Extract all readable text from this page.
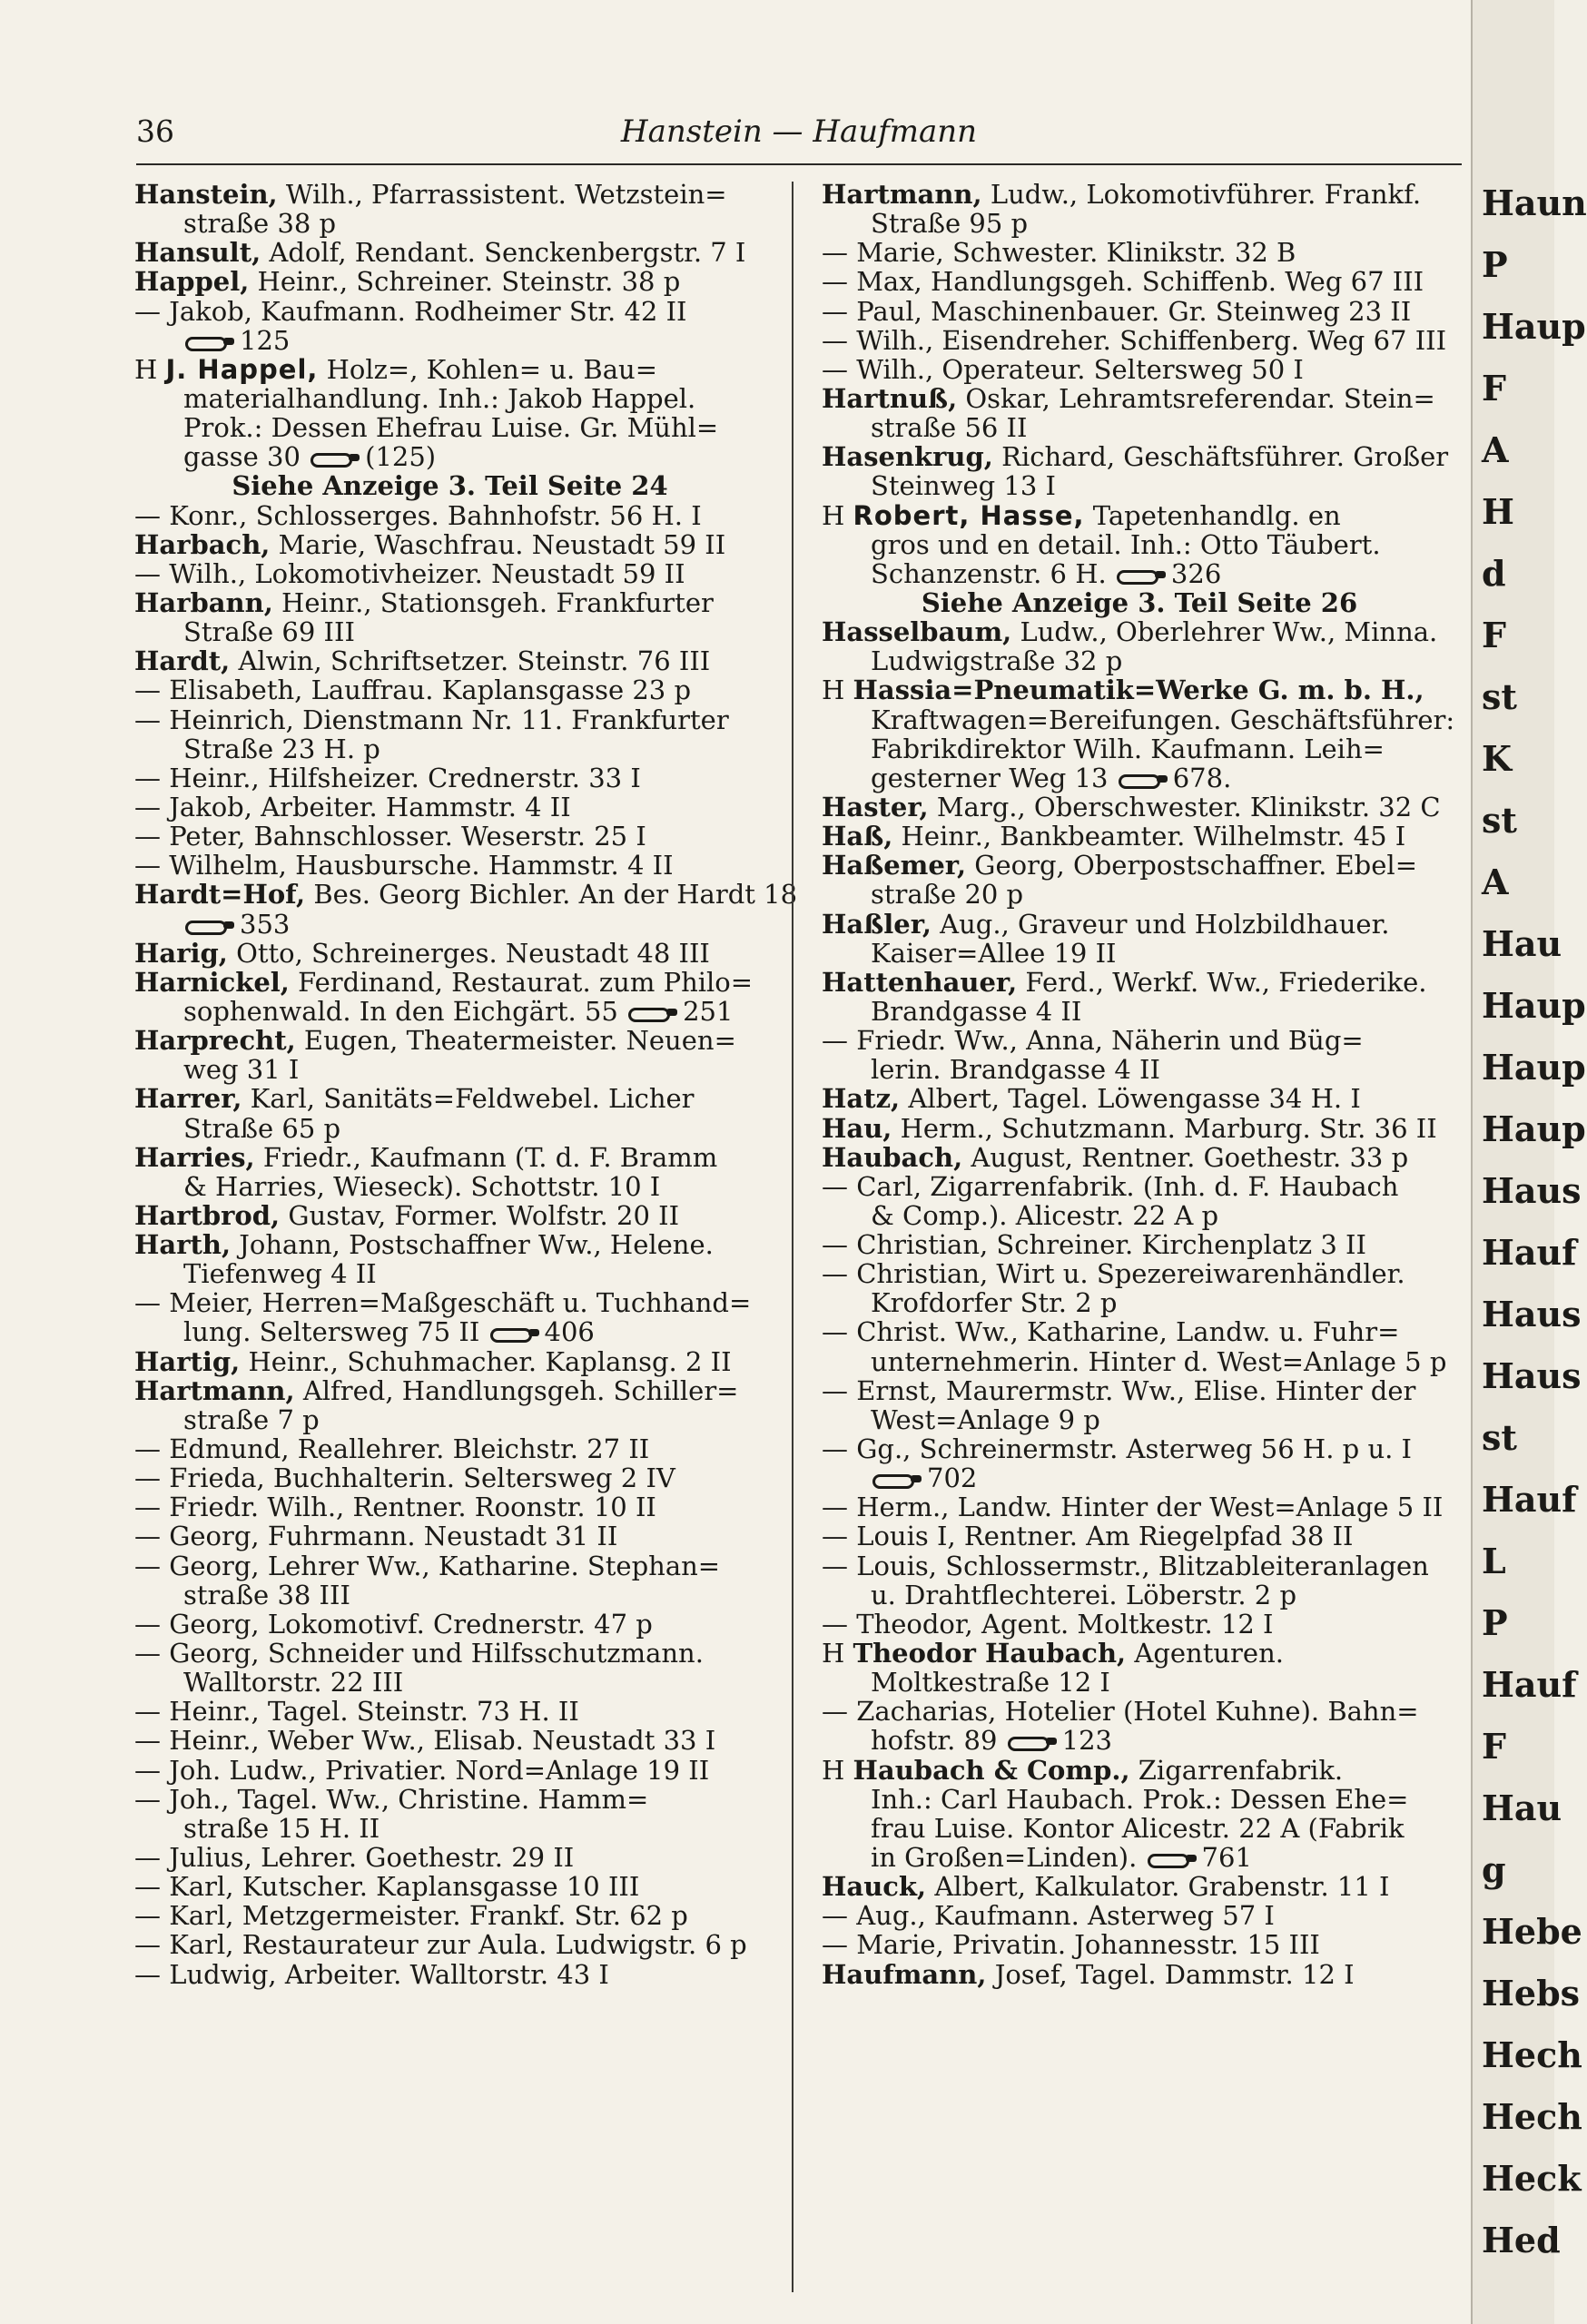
36	Hanstein — Haufmann
Hanstein, Wilh., Pfarrassistent. Wetzstein=
straße 38 p
Hansult, Adolf, Rendant. Senckenbergstr. 7 I
Happel, Heinr., Schreiner. Steinstr. 38 p
— Jakob, Kaufmann. Rodheimer Str. 42 II
125
H J. Happel, Holz=, Kohlen= u. Bau=
materialhandlung. Inh.: Jakob Happel.
Prok.: Dessen Ehefrau Luise. Gr. Mühl=
gasse 30 (125)
Siehe Anzeige 3. Teil Seite 24
— Konr., Schlosserges. Bahnhofstr. 56 H. I
Harbach, Marie, Waschfrau. Neustadt 59 II
— Wilh., Lokomotivheizer. Neustadt 59 II
Harbann, Heinr., Stationsgeh. Frankfurter
Straße 69 III
Hardt, Alwin, Schriftsetzer. Steinstr. 76 III
— Elisabeth, Lauffrau. Kaplansgasse 23 p
— Heinrich, Dienstmann Nr. 11. Frankfurter
Straße 23 H. p
— Heinr., Hilfsheizer. Crednerstr. 33 I
— Jakob, Arbeiter. Hammstr. 4 II
— Peter, Bahnschlosser. Weserstr. 25 I
— Wilhelm, Hausbursche. Hammstr. 4 II
Hardt=Hof, Bes. Georg Bichler. An der Hardt 18
353
Harig, Otto, Schreinerges. Neustadt 48 III
Harnickel, Ferdinand, Restaurat. zum Philo=
sophenwald. In den Eichgärt. 55 251
Harprecht, Eugen, Theatermeister. Neuen=
weg 31 I
Harrer, Karl, Sanitäts=Feldwebel. Licher
Straße 65 p
Harries, Friedr., Kaufmann (T. d. F. Bramm
& Harries, Wieseck). Schottstr. 10 I
Hartbrod, Gustav, Former. Wolfstr. 20 II
Harth, Johann, Postschaffner Ww., Helene.
Tiefenweg 4 II
— Meier, Herren=Maßgeschäft u. Tuchhand=
lung. Seltersweg 75 II 406
Hartig, Heinr., Schuhmacher. Kaplansg. 2 II
Hartmann, Alfred, Handlungsgeh. Schiller=
straße 7 p
— Edmund, Reallehrer. Bleichstr. 27 II
— Frieda, Buchhalterin. Seltersweg 2 IV
— Friedr. Wilh., Rentner. Roonstr. 10 II
— Georg, Fuhrmann. Neustadt 31 II
— Georg, Lehrer Ww., Katharine. Stephan=
straße 38 III
— Georg, Lokomotivf. Crednerstr. 47 p
— Georg, Schneider und Hilfsschutzmann.
Walltorstr. 22 III
— Heinr., Tagel. Steinstr. 73 H. II
— Heinr., Weber Ww., Elisab. Neustadt 33 I
— Joh. Ludw., Privatier. Nord=Anlage 19 II
— Joh., Tagel. Ww., Christine. Hamm=
straße 15 H. II
— Julius, Lehrer. Goethestr. 29 II
— Karl, Kutscher. Kaplansgasse 10 III
— Karl, Metzgermeister. Frankf. Str. 62 p
— Karl, Restaurateur zur Aula. Ludwigstr. 6 p
— Ludwig, Arbeiter. Walltorstr. 43 I
Hartmann, Ludw., Lokomotivführer. Frankf.
Straße 95 p
— Marie, Schwester. Klinikstr. 32 B
— Max, Handlungsgeh. Schiffenb. Weg 67 III
— Paul, Maschinenbauer. Gr. Steinweg 23 II
— Wilh., Eisendreher. Schiffenberg. Weg 67 III
— Wilh., Operateur. Seltersweg 50 I
Hartnuß, Oskar, Lehramtsreferendar. Stein=
straße 56 II
Hasenkrug, Richard, Geschäftsführer. Großer
Steinweg 13 I
H Robert, Hasse, Tapetenhandlg. en
gros und en detail. Inh.: Otto Täubert.
Schanzenstr. 6 H. 326
Siehe Anzeige 3. Teil Seite 26
Hasselbaum, Ludw., Oberlehrer Ww., Minna.
Ludwigstraße 32 p
H Hassia=Pneumatik=Werke G. m. b. H.,
Kraftwagen=Bereifungen. Geschäftsführer:
Fabrikdirektor Wilh. Kaufmann. Leih=
gesterner Weg 13 678.
Haster, Marg., Oberschwester. Klinikstr. 32 C
Haß, Heinr., Bankbeamter. Wilhelmstr. 45 I
Haßemer, Georg, Oberpostschaffner. Ebel=
straße 20 p
Haßler, Aug., Graveur und Holzbildhauer.
Kaiser=Allee 19 II
Hattenhauer, Ferd., Werkf. Ww., Friederike.
Brandgasse 4 II
— Friedr. Ww., Anna, Näherin und Büg=
lerin. Brandgasse 4 II
Hatz, Albert, Tagel. Löwengasse 34 H. I
Hau, Herm., Schutzmann. Marburg. Str. 36 II
Haubach, August, Rentner. Goethestr. 33 p
— Carl, Zigarrenfabrik. (Inh. d. F. Haubach
& Comp.). Alicestr. 22 A p
— Christian, Schreiner. Kirchenplatz 3 II
— Christian, Wirt u. Spezereiwarenhändler.
Krofdorfer Str. 2 p
— Christ. Ww., Katharine, Landw. u. Fuhr=
unternehmerin. Hinter d. West=Anlage 5 p
— Ernst, Maurermstr. Ww., Elise. Hinter der
West=Anlage 9 p
— Gg., Schreinermstr. Asterweg 56 H. p u. I
702
— Herm., Landw. Hinter der West=Anlage 5 II
— Louis I, Rentner. Am Riegelpfad 38 II
— Louis, Schlossermstr., Blitzableiteranlagen
u. Drahtflechterei. Löberstr. 2 p
— Theodor, Agent. Moltkestr. 12 I
H Theodor Haubach, Agenturen.
Moltkestraße 12 I
— Zacharias, Hotelier (Hotel Kuhne). Bahn=
hofstr. 89 123
H Haubach & Comp., Zigarrenfabrik.
Inh.: Carl Haubach. Prok.: Dessen Ehe=
frau Luise. Kontor Alicestr. 22 A (Fabrik
in Großen=Linden). 761
Hauck, Albert, Kalkulator. Grabenstr. 11 I
— Aug., Kaufmann. Asterweg 57 I
— Marie, Privatin. Johannesstr. 15 III
Haufmann, Josef, Tagel. Dammstr. 12 I
Haun
P
Haup
F
A
H
d
F
st
K
st
A
Hau
Haup
Haup
Haup
Haus
Hauf
Haus
Haus
st
Hauf
L
P
Hauf
F
Hau
g
Hebe
Hebs
Hech
Hech
Heck
Hed
